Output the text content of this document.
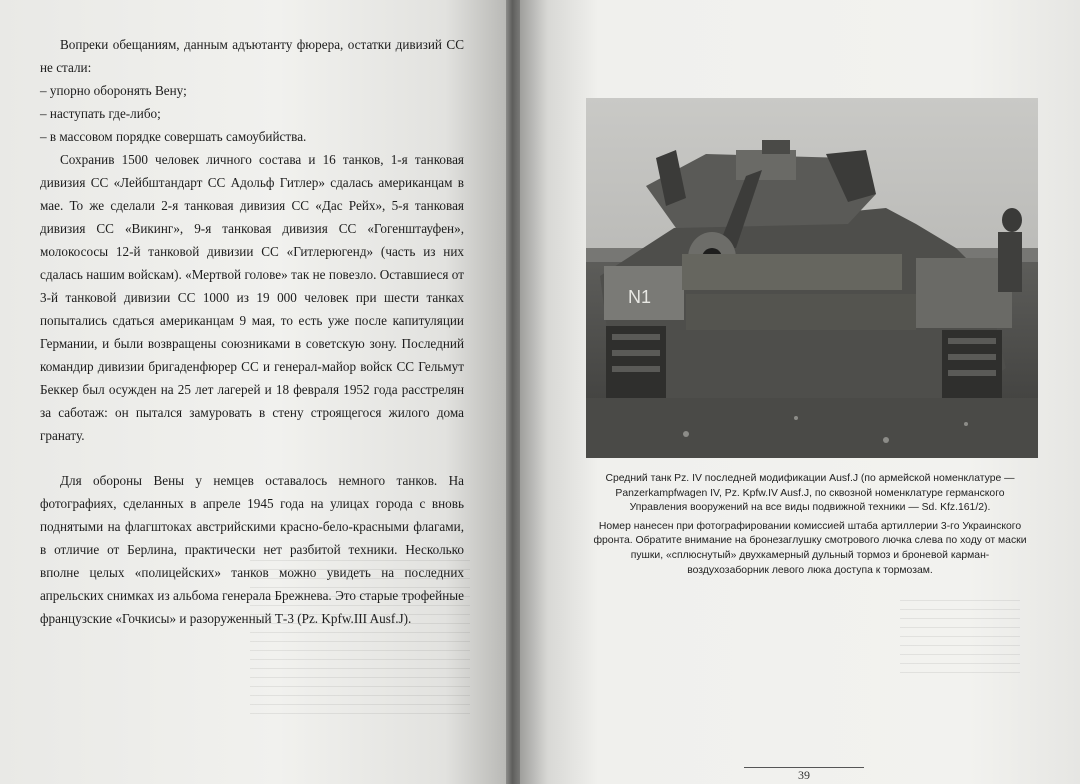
Вопреки обещаниям, данным адъютанту фюрера, остатки дивизий СС не стали:

– упорно оборонять Вену;

– наступать где-либо;

– в массовом порядке совершать самоубийства.

Сохранив 1500 человек личного состава и 16 танков, 1-я танковая дивизия СС «Лейбштандарт СС Адольф Гитлер» сдалась американцам в мае. То же сделали 2-я танковая дивизия СС «Дас Рейх», 5-я танковая дивизия СС «Викинг», 9-я танковая дивизия СС «Гогенштауфен», молокососы 12-й танковой дивизии СС «Гитлерюгенд» (часть из них сдалась нашим войскам). «Мертвой голове» так не повезло. Оставшиеся от 3-й танковой дивизии СС 1000 из 19 000 человек при шести танках попытались сдаться американцам 9 мая, то есть уже после капитуляции Германии, и были возвращены союзниками в советскую зону. Последний командир дивизии бригаденфюрер СС и генерал-майор войск СС Гельмут Беккер был осужден на 25 лет лагерей и 18 февраля 1952 года расстрелян за саботаж: он пытался замуровать в стену строящегося жилого дома гранату.

Для обороны Вены у немцев оставалось немного танков. На фотографиях, сделанных в апреле 1945 года на улицах города с вновь поднятыми на флагштоках австрийскими красно-бело-красными флагами, в отличие от Берлина, практически нет разбитой техники. Несколько вполне целых «полицейских» танков можно увидеть на последних апрельских снимках из альбома генерала Брежнева. Это старые трофейные французские «Гочкисы» и разоруженный Т-3 (Pz. Kpfw.III Ausf.J).

N1

Средний танк Pz. IV последней модификации Ausf.J (по армейской номенклатуре — Panzerkampfwagen IV, Pz. Kpfw.IV Ausf.J, по сквозной номенклатуре германского Управления вооружений на все виды подвижной техники — Sd. Kfz.161/2).

Номер нанесен при фотографировании комиссией штаба артиллерии 3-го Украинского фронта. Обратите внимание на бронезаглушку смотрового лючка слева по ходу от маски пушки, «сплюснутый» двухкамерный дульный тормоз и броневой карман-воздухозаборник левого люка доступа к тормозам.

39
